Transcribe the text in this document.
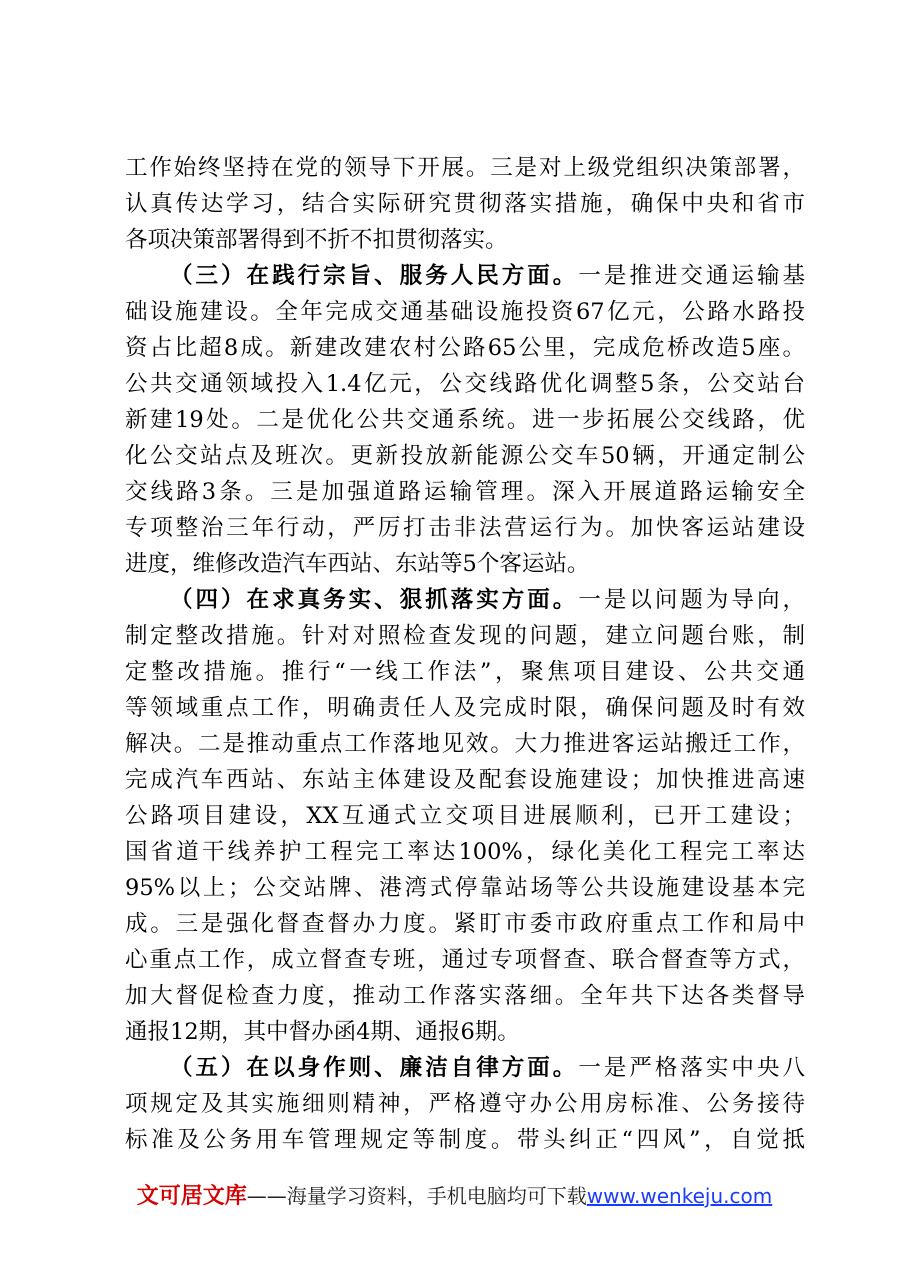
工作始终坚持在党的领导下开展。三是对上级党组织决策部署，
认真传达学习，结合实际研究贯彻落实措施，确保中央和省市
各项决策部署得到不折不扣贯彻落实。
（三）在践行宗旨、服务人民方面。一是推进交通运输基
础设施建设。全年完成交通基础设施投资67亿元，公路水路投
资占比超8成。新建改建农村公路65公里，完成危桥改造5座。
公共交通领域投入1.4亿元，公交线路优化调整5条，公交站台
新建19处。二是优化公共交通系统。进一步拓展公交线路，优
化公交站点及班次。更新投放新能源公交车50辆，开通定制公
交线路3条。三是加强道路运输管理。深入开展道路运输安全
专项整治三年行动，严厉打击非法营运行为。加快客运站建设
进度，维修改造汽车西站、东站等5个客运站。
（四）在求真务实、狠抓落实方面。一是以问题为导向，
制定整改措施。针对对照检查发现的问题，建立问题台账，制
定整改措施。推行“一线工作法”，聚焦项目建设、公共交通
等领域重点工作，明确责任人及完成时限，确保问题及时有效
解决。二是推动重点工作落地见效。大力推进客运站搬迁工作，
完成汽车西站、东站主体建设及配套设施建设；加快推进高速
公路项目建设，XX互通式立交项目进展顺利，已开工建设；
国省道干线养护工程完工率达100%，绿化美化工程完工率达
95%以上；公交站牌、港湾式停靠站场等公共设施建设基本完
成。三是强化督查督办力度。紧盯市委市政府重点工作和局中
心重点工作，成立督查专班，通过专项督查、联合督查等方式，
加大督促检查力度，推动工作落实落细。全年共下达各类督导
通报12期，其中督办函4期、通报6期。
（五）在以身作则、廉洁自律方面。一是严格落实中央八
项规定及其实施细则精神，严格遵守办公用房标准、公务接待
标准及公务用车管理规定等制度。带头纠正“四风”，自觉抵
文可居文库——海量学习资料，手机电脑均可下载www.wenkeju.com
